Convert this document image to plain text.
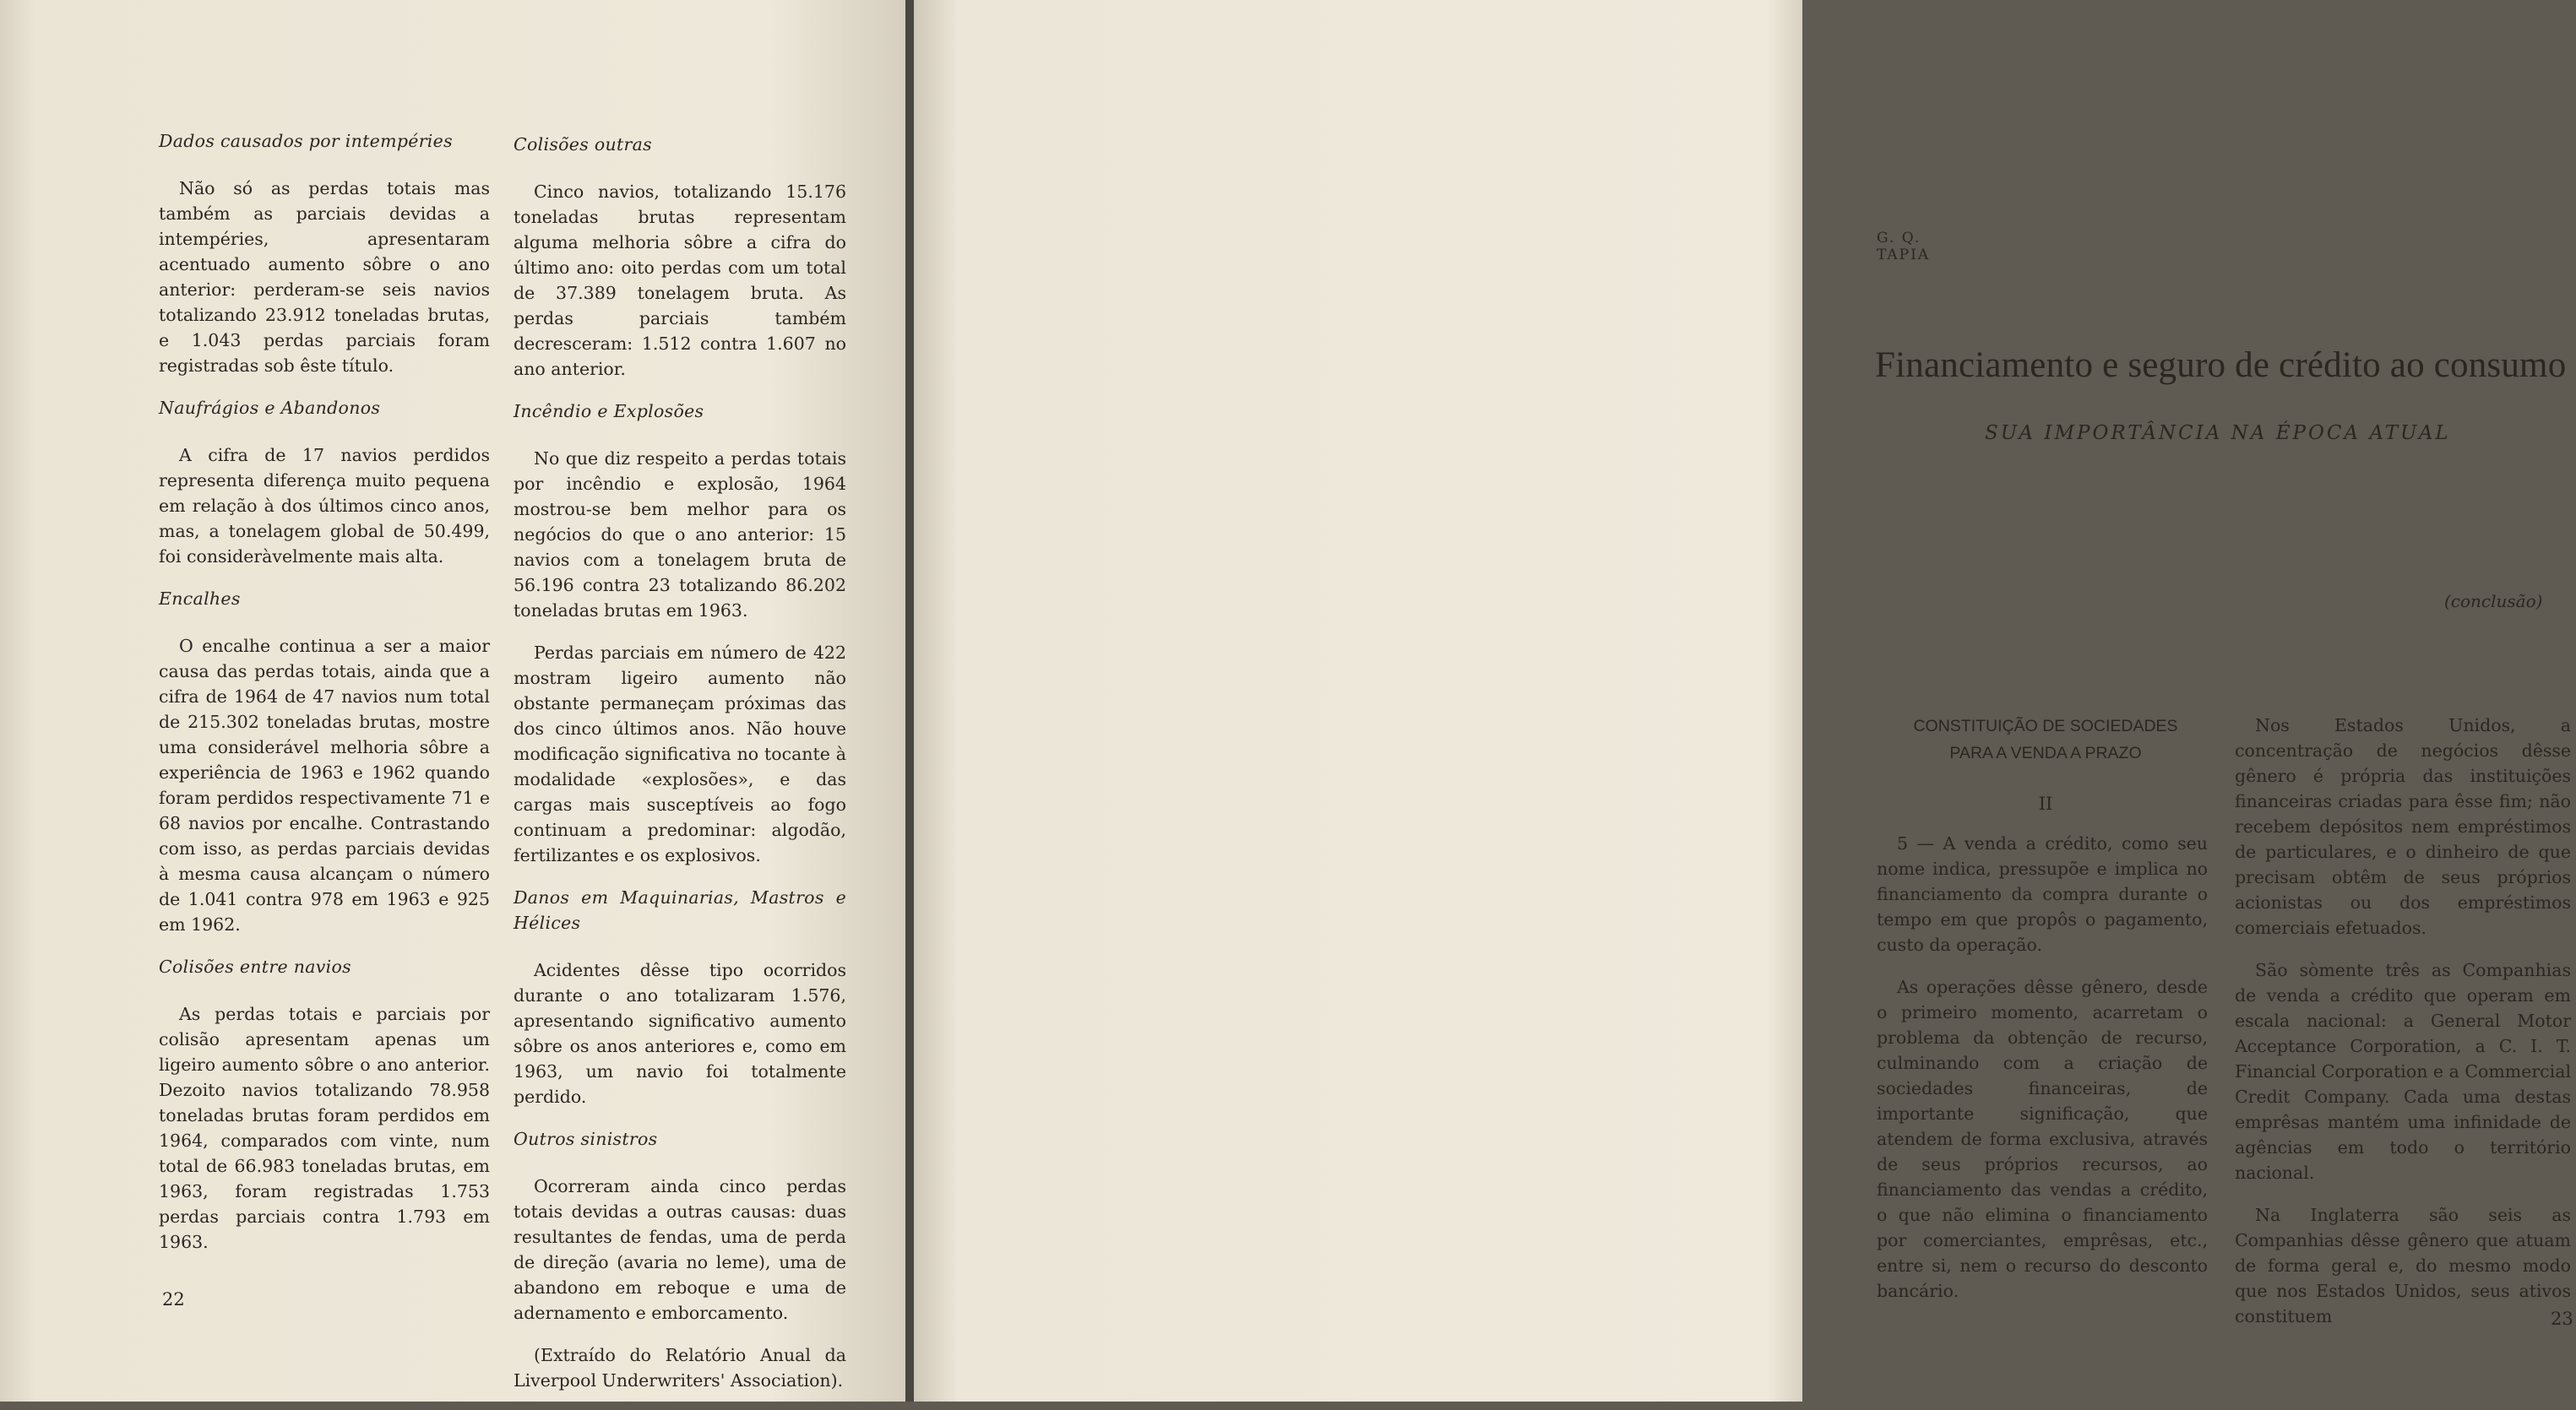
Dados causados por intempéries

Não só as perdas totais mas também as parciais devidas a intempéries, apresentaram acentuado aumento sôbre o ano anterior: perderam-se seis navios totalizando 23.912 toneladas brutas, e 1.043 perdas parciais foram registradas sob êste título.

Naufrágios e Abandonos

A cifra de 17 navios perdidos representa diferença muito pequena em relação à dos últimos cinco anos, mas, a tonelagem global de 50.499, foi consideràvelmente mais alta.

Encalhes

O encalhe continua a ser a maior causa das perdas totais, ainda que a cifra de 1964 de 47 navios num total de 215.302 toneladas brutas, mostre uma considerável melhoria sôbre a experiência de 1963 e 1962 quando foram perdidos respectivamente 71 e 68 navios por encalhe. Contrastando com isso, as perdas parciais devidas à mesma causa alcançam o número de 1.041 contra 978 em 1963 e 925 em 1962.

Colisões entre navios

As perdas totais e parciais por colisão apresentam apenas um ligeiro aumento sôbre o ano anterior. Dezoito navios totalizando 78.958 toneladas brutas foram perdidos em 1964, comparados com vinte, num total de 66.983 toneladas brutas, em 1963, foram registradas 1.753 perdas parciais contra 1.793 em 1963.

Colisões outras

Cinco navios, totalizando 15.176 toneladas brutas representam alguma melhoria sôbre a cifra do último ano: oito perdas com um total de 37.389 tonelagem bruta. As perdas parciais também decresceram: 1.512 contra 1.607 no ano anterior.

Incêndio e Explosões

No que diz respeito a perdas totais por incêndio e explosão, 1964 mostrou-se bem melhor para os negócios do que o ano anterior: 15 navios com a tonelagem bruta de 56.196 contra 23 totalizando 86.202 toneladas brutas em 1963.

Perdas parciais em número de 422 mostram ligeiro aumento não obstante permaneçam próximas das dos cinco últimos anos. Não houve modificação significativa no tocante à modalidade «explosões», e das cargas mais susceptíveis ao fogo continuam a predominar: algodão, fertilizantes e os explosivos.

Danos em Maquinarias, Mastros e Hélices

Acidentes dêsse tipo ocorridos durante o ano totalizaram 1.576, apresentando significativo aumento sôbre os anos anteriores e, como em 1963, um navio foi totalmente perdido.

Outros sinistros

Ocorreram ainda cinco perdas totais devidas a outras causas: duas resultantes de fendas, uma de perda de direção (avaria no leme), uma de abandono em reboque e uma de adernamento e emborcamento.

(Extraído do Relatório Anual da Liverpool Underwriters' Association).

22
G. Q. TAPIA
Financiamento e seguro de crédito ao consumo
SUA IMPORTÂNCIA NA ÉPOCA ATUAL
(conclusão)
CONSTITUIÇÃO DE SOCIEDADES
PARA A VENDA A PRAZO
II

5 — A venda a crédito, como seu nome indica, pressupõe e implica no financiamento da compra durante o tempo em que propôs o pagamento, custo da operação.

As operações dêsse gênero, desde o primeiro momento, acarretam o problema da obtenção de recurso, culminando com a criação de sociedades financeiras, de importante significação, que atendem de forma exclusiva, através de seus próprios recursos, ao financiamento das vendas a crédito, o que não elimina o financiamento por comerciantes, emprêsas, etc., entre si, nem o recurso do desconto bancário.

Nos Estados Unidos, a concentração de negócios dêsse gênero é própria das instituições financeiras criadas para êsse fim; não recebem depósitos nem empréstimos de particulares, e o dinheiro de que precisam obtêm de seus próprios acionistas ou dos empréstimos comerciais efetuados.

São sòmente três as Companhias de venda a crédito que operam em escala nacional: a General Motor Acceptance Corporation, a C. I. T. Financial Corporation e a Commercial Credit Company. Cada uma destas emprêsas mantém uma infinidade de agências em todo o território nacional.

Na Inglaterra são seis as Companhias dêsse gênero que atuam de forma geral e, do mesmo modo que nos Estados Unidos, seus ativos constituem	23
